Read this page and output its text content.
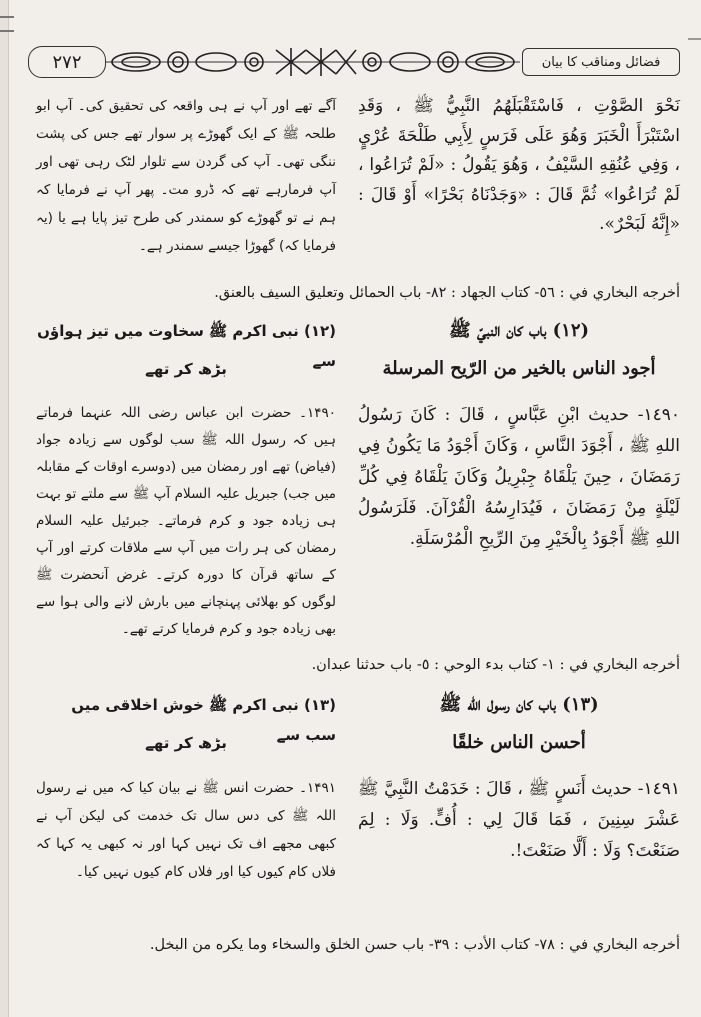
٢٧٢	فضائل ومناقب کا بیان
نَحْوَ الصَّوْتِ ، فَاسْتَقْبَلَهُمُ النَّبِيُّ ﷺ ، وَقَدِ اسْتَبْرَأَ الْخَبَرَ وَهُوَ عَلَى فَرَسٍ لِأَبِي طَلْحَةَ عُرْيٍ ، وَفِي عُنُقِهِ السَّيْفُ ، وَهُوَ يَقُولُ : «لَمْ تُرَاعُوا ، لَمْ تُرَاعُوا» ثُمَّ قَالَ : «وَجَدْنَاهُ بَحْرًا» أَوْ قَالَ : «إِنَّهُ لَبَحْرٌ».
آگے تھے اور آپ نے ہی واقعہ کی تحقیق کی۔ آپ ابو طلحہ ﷺ کے ایک گھوڑے پر سوار تھے جس کی پشت ننگی تھی۔ آپ کی گردن سے تلوار لٹک رہی تھی اور آپ فرمارہے تھے کہ ڈرو مت۔ پھر آپ نے فرمایا کہ ہم نے تو گھوڑے کو سمندر کی طرح تیز پایا ہے یا (یہ فرمایا کہ) گھوڑا جیسے سمندر ہے۔
أخرجه البخاري في : ٥٦- كتاب الجهاد : ٨٢- باب الحمائل وتعليق السيف بالعنق.
(١٢) باب كان النبيّ ﷺ
أجود الناس بالخير من الرّيح المرسلة
(۱۲) نبی اکرم ﷺ سخاوت میں تیز ہواؤں سے
بڑھ کر تھے
١٤٩٠- حديث ابْنِ عَبَّاسٍ ، قَالَ : كَانَ رَسُولُ اللهِ ﷺ ، أَجْوَدَ النَّاسِ ، وَكَانَ أَجْوَدُ مَا يَكُونُ فِي رَمَضَانَ ، حِينَ يَلْقَاهُ جِبْرِيلُ وَكَانَ يَلْقَاهُ فِي كُلِّ لَيْلَةٍ مِنْ رَمَضَانَ ، فَيُدَارِسُهُ الْقُرْآنَ. فَلَرَسُولُ اللهِ ﷺ أَجْوَدُ بِالْخَيْرِ مِنَ الرِّيحِ الْمُرْسَلَةِ.
۱۴۹۰۔ حضرت ابن عباس رضی اللہ عنہما فرماتے ہیں کہ رسول اللہ ﷺ سب لوگوں سے زیادہ جواد (فیاض) تھے اور رمضان میں (دوسرے اوقات کے مقابلہ میں جب) جبریل علیہ السلام آپ ﷺ سے ملتے تو بہت ہی زیادہ جود و کرم فرماتے۔ جبرئیل علیہ السلام رمضان کی ہر رات میں آپ سے ملاقات کرتے اور آپ کے ساتھ قرآن کا دورہ کرتے۔ غرض آنحضرت ﷺ لوگوں کو بھلائی پہنچانے میں بارش لانے والی ہوا سے بھی زیادہ جود و کرم فرمایا کرتے تھے۔
أخرجه البخاري في : ١- كتاب بدء الوحي : ٥- باب حدثنا عبدان.
(١٣) باب كان رسول الله ﷺ
أحسن الناس خلقًا
(۱۳) نبی اکرم ﷺ خوش اخلاقی میں سب سے
بڑھ کر تھے
١٤٩١- حديث أَنَسٍ ﷺ ، قَالَ : خَدَمْتُ النَّبِيَّ ﷺ عَشْرَ سِنِينَ ، فَمَا قَالَ لِي : أُفٍّ. وَلَا : لِمَ صَنَعْتَ؟ وَلَا : أَلَّا صَنَعْتَ!.
۱۴۹۱۔ حضرت انس ﷺ نے بیان کیا کہ میں نے رسول اللہ ﷺ کی دس سال تک خدمت کی لیکن آپ نے کبھی مجھے اف تک نہیں کہا اور نہ کبھی یہ کہا کہ فلاں کام کیوں کیا اور فلاں کام کیوں نہیں کیا۔
أخرجه البخاري في : ٧٨- كتاب الأدب : ٣٩- باب حسن الخلق والسخاء وما يكره من البخل.
